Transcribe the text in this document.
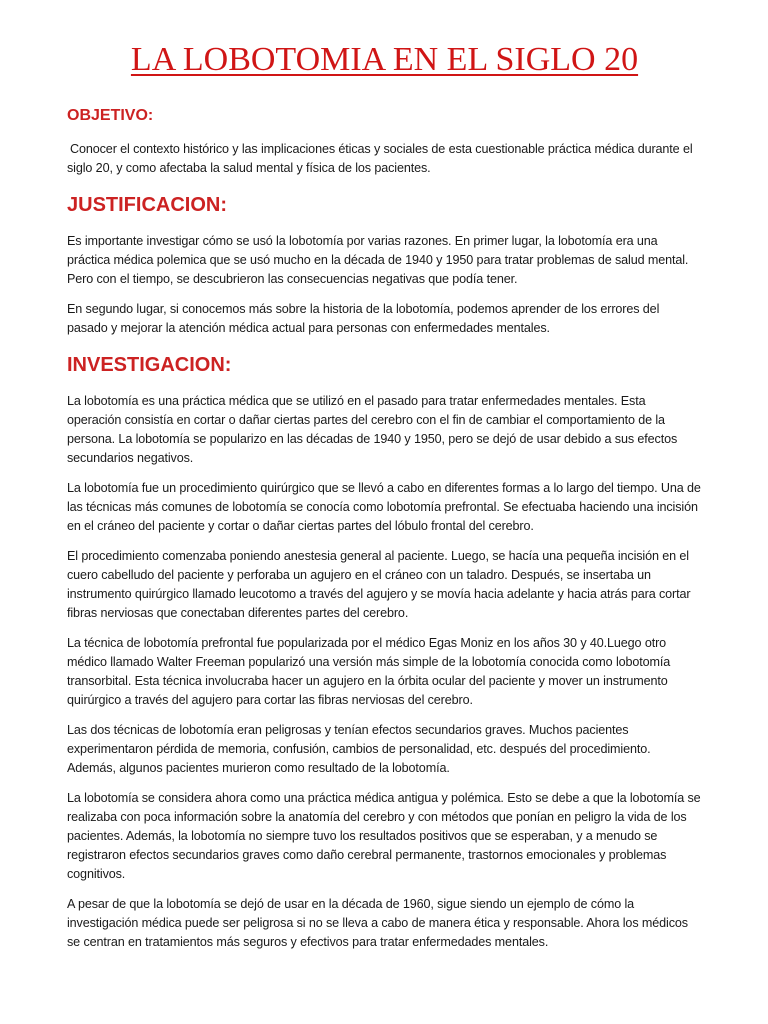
LA LOBOTOMIA EN EL SIGLO 20
OBJETIVO:

Conocer el contexto histórico y las implicaciones éticas y sociales de esta cuestionable práctica médica durante el siglo 20, y como afectaba la salud mental y física de los pacientes.

JUSTIFICACION:

Es importante investigar cómo se usó la lobotomía por varias razones. En primer lugar, la lobotomía era una práctica médica polemica que se usó mucho en la década de 1940 y 1950 para tratar problemas de salud mental. Pero con el tiempo, se descubrieron las consecuencias negativas que podía tener.

En segundo lugar, si conocemos más sobre la historia de la lobotomía, podemos aprender de los errores del pasado y mejorar la atención médica actual para personas con enfermedades mentales.

INVESTIGACION:

La lobotomía es una práctica médica que se utilizó en el pasado para tratar enfermedades mentales. Esta operación consistía en cortar o dañar ciertas partes del cerebro con el fin de cambiar el comportamiento de la persona. La lobotomía se popularizo en las décadas de 1940 y 1950, pero se dejó de usar debido a sus efectos secundarios negativos.

La lobotomía fue un procedimiento quirúrgico que se llevó a cabo en diferentes formas a lo largo del tiempo. Una de las técnicas más comunes de lobotomía se conocía como lobotomía prefrontal. Se efectuaba haciendo una incisión en el cráneo del paciente y cortar o dañar ciertas partes del lóbulo frontal del cerebro.

El procedimiento comenzaba poniendo anestesia general al paciente. Luego, se hacía una pequeña incisión en el cuero cabelludo del paciente y perforaba un agujero en el cráneo con un taladro. Después, se insertaba un instrumento quirúrgico llamado leucotomo a través del agujero y se movía hacia adelante y hacia atrás para cortar fibras nerviosas que conectaban diferentes partes del cerebro.

La técnica de lobotomía prefrontal fue popularizada por el médico Egas Moniz en los años 30 y 40.Luego otro médico llamado Walter Freeman popularizó una versión más simple de la lobotomía conocida como lobotomía transorbital. Esta técnica involucraba hacer un agujero en la órbita ocular del paciente y mover un instrumento quirúrgico a través del agujero para cortar las fibras nerviosas del cerebro.

Las dos técnicas de lobotomía eran peligrosas y tenían efectos secundarios graves. Muchos pacientes experimentaron pérdida de memoria, confusión, cambios de personalidad, etc. después del procedimiento. Además, algunos pacientes murieron como resultado de la lobotomía.

La lobotomía se considera ahora como una práctica médica antigua y polémica. Esto se debe a que la lobotomía se realizaba con poca información sobre la anatomía del cerebro y con métodos que ponían en peligro la vida de los pacientes. Además, la lobotomía no siempre tuvo los resultados positivos que se esperaban, y a menudo se registraron efectos secundarios graves como daño cerebral permanente, trastornos emocionales y problemas cognitivos.

A pesar de que la lobotomía se dejó de usar en la década de 1960, sigue siendo un ejemplo de cómo la investigación médica puede ser peligrosa si no se lleva a cabo de manera ética y responsable. Ahora los médicos se centran en tratamientos más seguros y efectivos para tratar enfermedades mentales.
